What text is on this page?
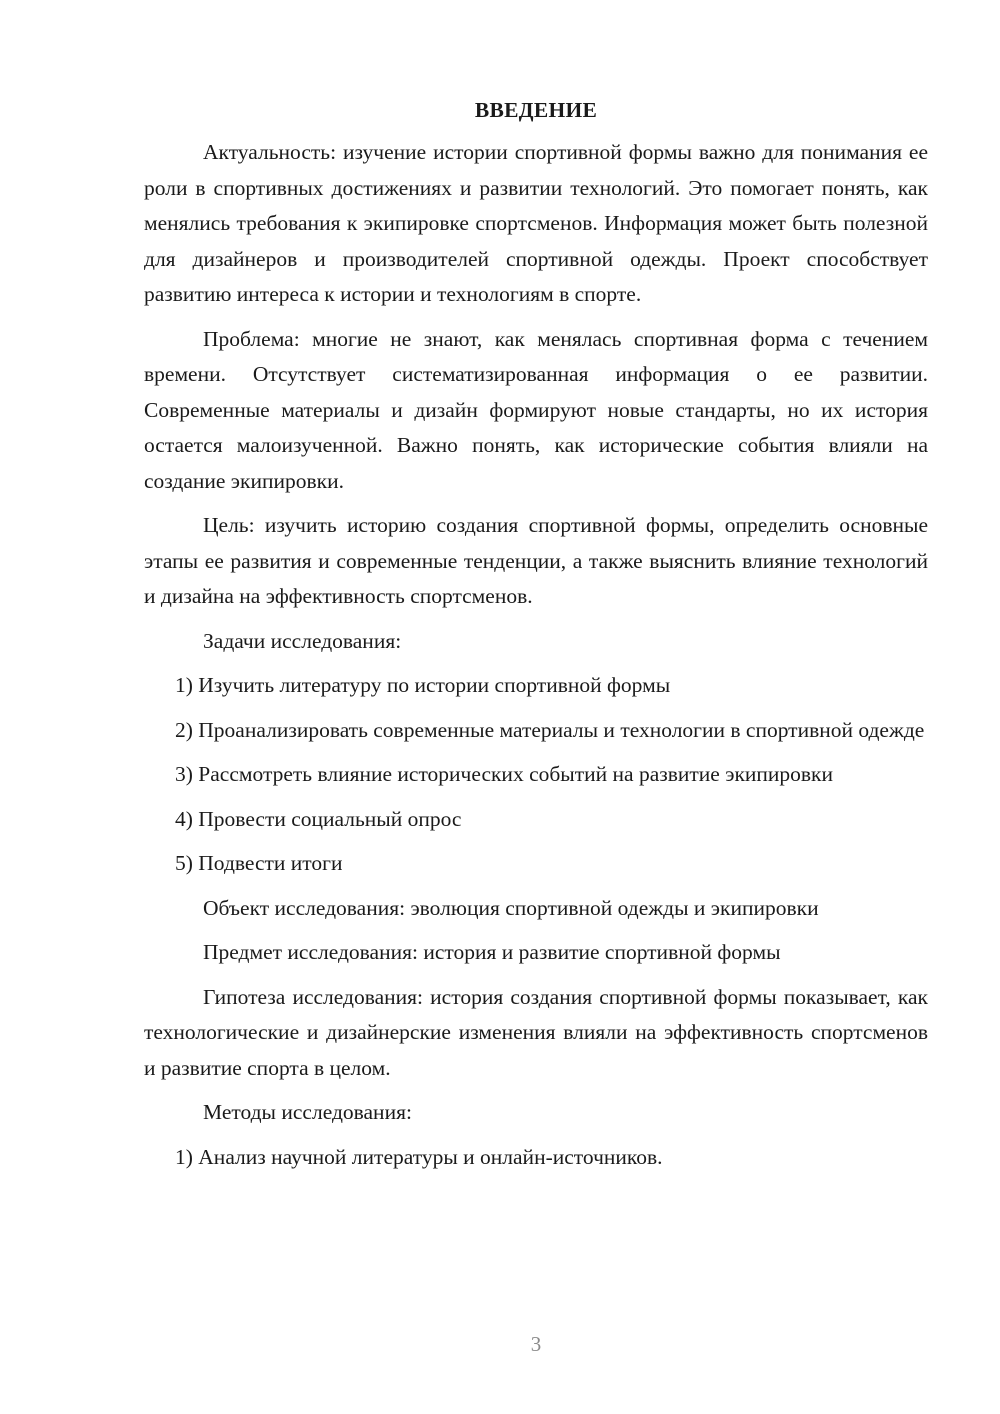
ВВЕДЕНИЕ

Актуальность: изучение истории спортивной формы важно для понимания ее роли в спортивных достижениях и развитии технологий. Это помогает понять, как менялись требования к экипировке спортсменов. Информация может быть полезной для дизайнеров и производителей спортивной одежды. Проект способствует развитию интереса к истории и технологиям в спорте.

Проблема: многие не знают, как менялась спортивная форма с течением времени. Отсутствует систематизированная информация о ее развитии. Современные материалы и дизайн формируют новые стандарты, но их история остается малоизученной. Важно понять, как исторические события влияли на создание экипировки.

Цель: изучить историю создания спортивной формы, определить основные этапы ее развития и современные тенденции, а также выяснить влияние технологий и дизайна на эффективность спортсменов.

Задачи исследования:

1) Изучить литературу по истории спортивной формы

2) Проанализировать современные материалы и технологии в спортивной одежде

3) Рассмотреть влияние исторических событий на развитие экипировки

4) Провести социальный опрос

5) Подвести итоги

Объект исследования: эволюция спортивной одежды и экипировки

Предмет исследования: история и развитие спортивной формы

Гипотеза исследования: история создания спортивной формы показывает, как технологические и дизайнерские изменения влияли на эффективность спортсменов и развитие спорта в целом.

Методы исследования:

1) Анализ научной литературы и онлайн-источников.

3
